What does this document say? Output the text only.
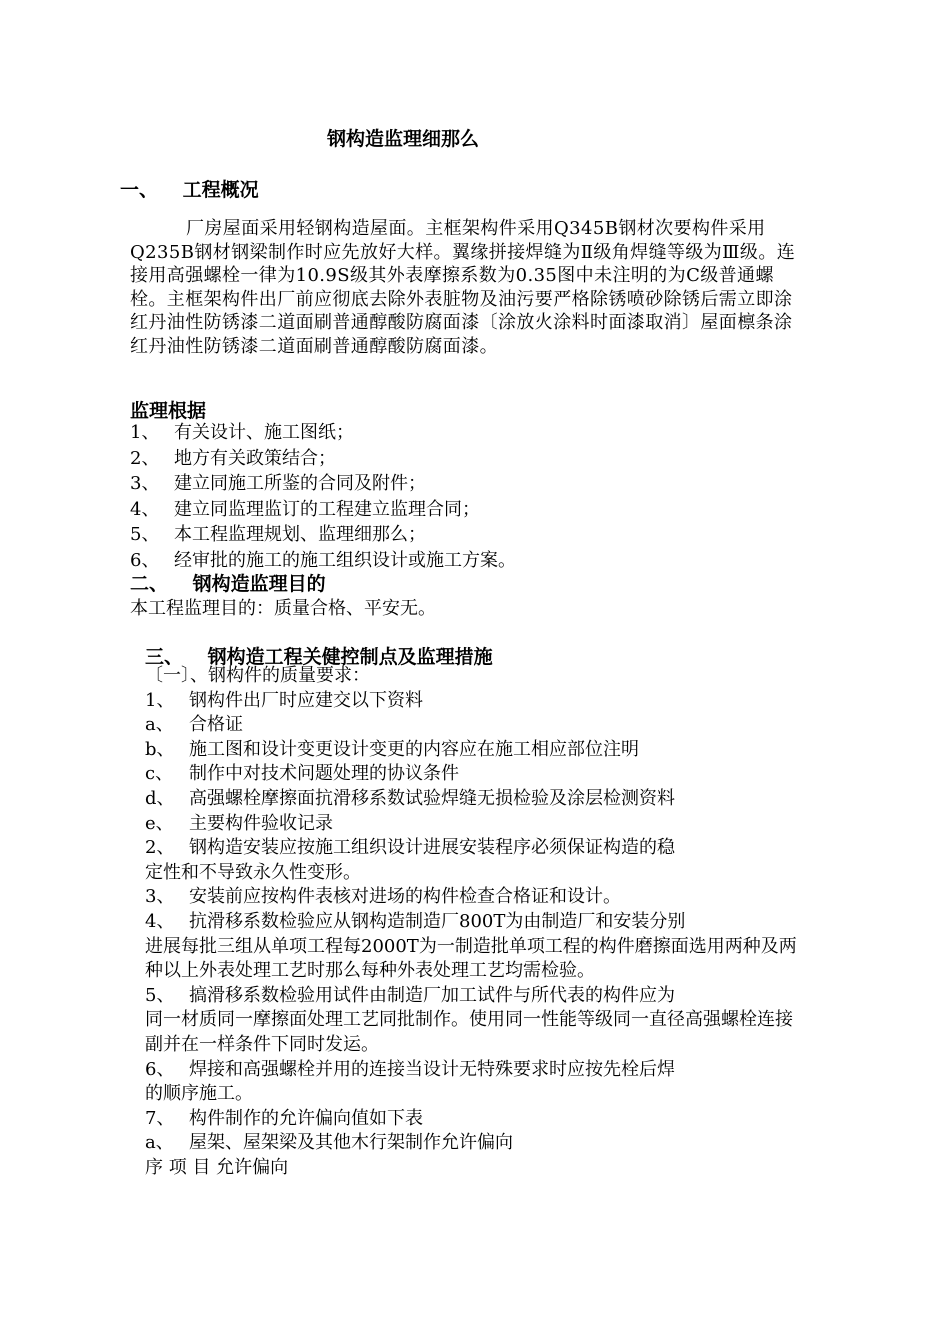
钢构造监理细那么
一、 工程概况

厂房屋面采用轻钢构造屋面。主框架构件采用Q345B钢材次要构件采用Q235B钢材钢梁制作时应先放好大样。翼缘拼接焊缝为Ⅱ级角焊缝等级为Ⅲ级。连接用高强螺栓一律为10.9S级其外表摩擦系数为0.35图中未注明的为C级普通螺栓。主框架构件出厂前应彻底去除外表脏物及油污要严格除锈喷砂除锈后需立即涂红丹油性防锈漆二道面刷普通醇酸防腐面漆〔涂放火涂料时面漆取消〕屋面檩条涂红丹油性防锈漆二道面刷普通醇酸防腐面漆。

监理根据
1、 有关设计、施工图纸；
2、 地方有关政策结合；
3、 建立同施工所鉴的合同及附件；
4、 建立同监理监订的工程建立监理合同；
5、 本工程监理规划、监理细那么；
6、 经审批的施工的施工组织设计或施工方案。
二、 钢构造监理目的
本工程监理目的：质量合格、平安无。
三、 钢构造工程关健控制点及监理措施
〔一〕、钢构件的质量要求：
1、 钢构件出厂时应建交以下资料
a、 合格证
b、 施工图和设计变更设计变更的内容应在施工相应部位注明
c、 制作中对技术问题处理的协议条件
d、 高强螺栓摩擦面抗滑移系数试验焊缝无损检验及涂层检测资料
e、 主要构件验收记录
2、 钢构造安装应按施工组织设计进展安装程序必须保证构造的稳
定性和不导致永久性变形。
3、 安装前应按构件表核对进场的构件检查合格证和设计。
4、 抗滑移系数检验应从钢构造制造厂800T为由制造厂和安装分别
进展每批三组从单项工程每2000T为一制造批单项工程的构件磨擦面选用两种及两种以上外表处理工艺时那么每种外表处理工艺均需检验。
5、 搞滑移系数检验用试件由制造厂加工试件与所代表的构件应为
同一材质同一摩擦面处理工艺同批制作。使用同一性能等级同一直径高强螺栓连接副并在一样条件下同时发运。
6、 焊接和高强螺栓并用的连接当设计无特殊要求时应按先栓后焊
的顺序施工。
7、 构件制作的允许偏向值如下表
a、 屋架、屋架梁及其他木行架制作允许偏向
序 项 目 允许偏向
